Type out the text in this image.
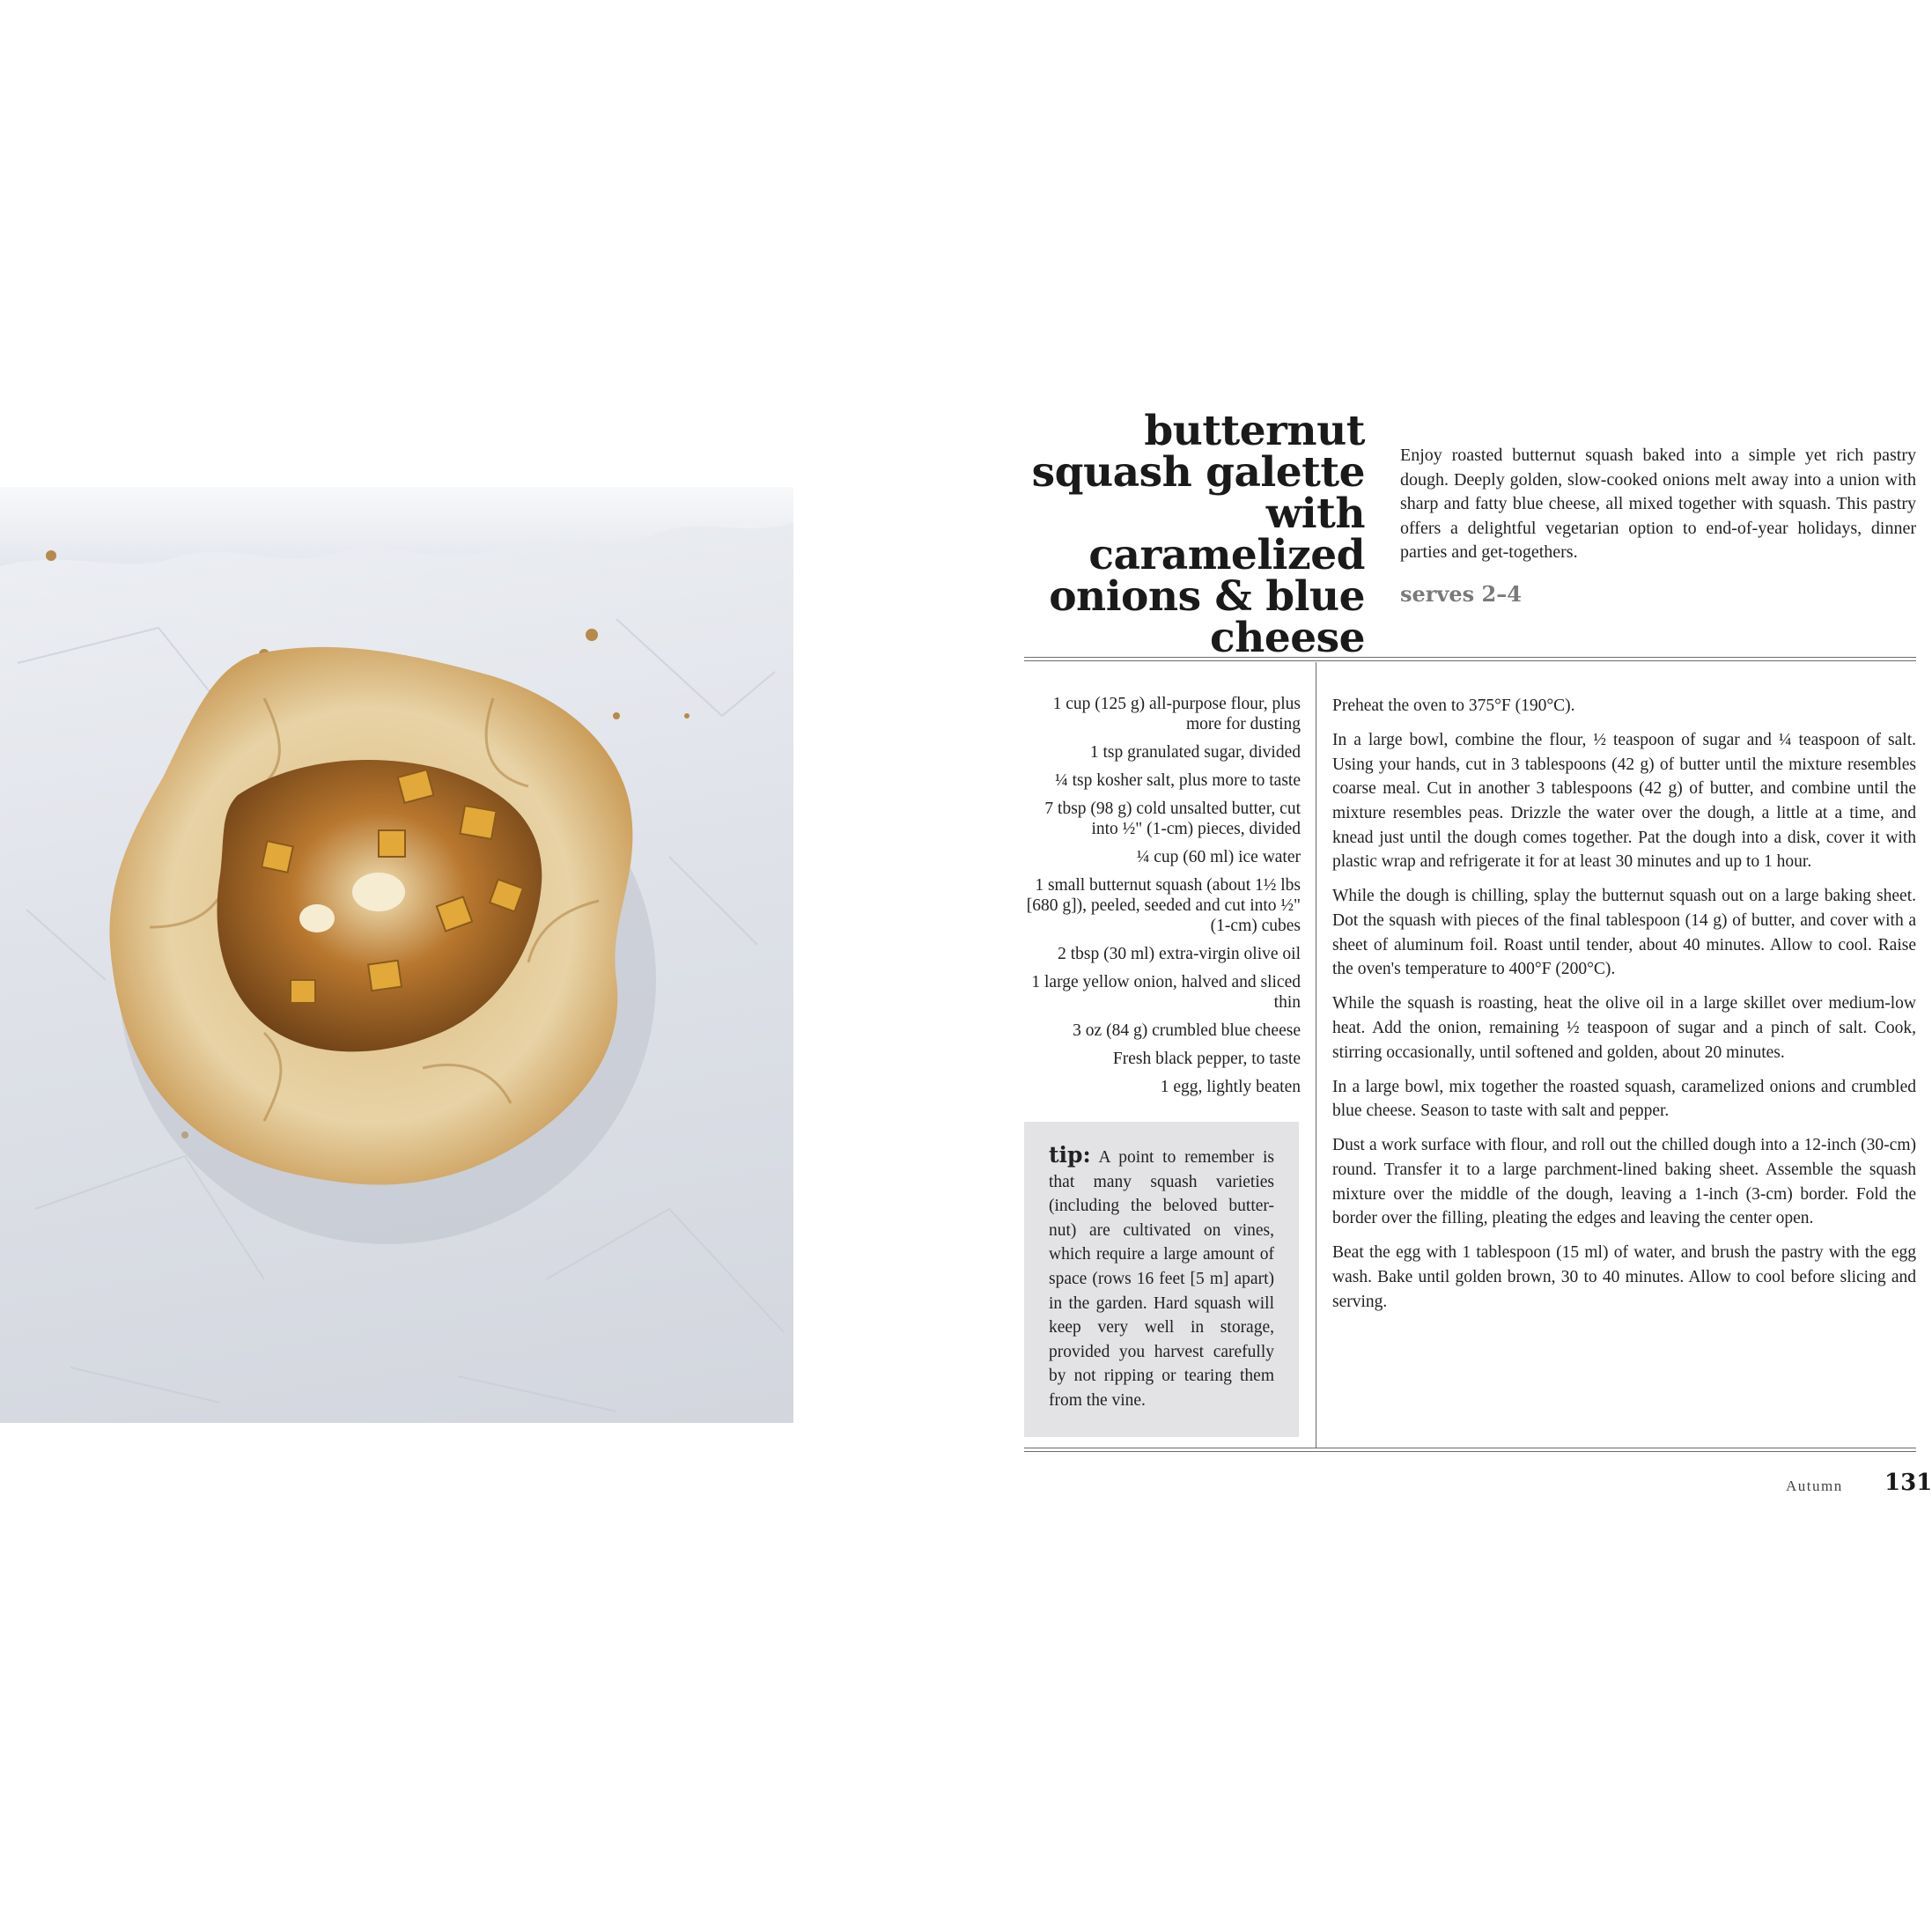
butternut squash galette with caramelized onions & blue cheese

Enjoy roasted butternut squash baked into a simple yet rich pastry dough. Deeply golden, slow-cooked onions melt away into a union with sharp and fatty blue cheese, all mixed together with squash. This pastry offers a delightful vegetarian option to end-of-year holidays, dinner parties and get-togethers.

serves 2–4
1 cup (125 g) all-purpose flour, plus more for dusting
1 tsp granulated sugar, divided
¼ tsp kosher salt, plus more to taste
7 tbsp (98 g) cold unsalted butter, cut into ½" (1-cm) pieces, divided
¼ cup (60 ml) ice water
1 small butternut squash (about 1½ lbs [680 g]), peeled, seeded and cut into ½" (1-cm) cubes
2 tbsp (30 ml) extra-virgin olive oil
1 large yellow onion, halved and sliced thin
3 oz (84 g) crumbled blue cheese
Fresh black pepper, to taste
1 egg, lightly beaten
tip: A point to remember is that many squash varieties (including the beloved butter-nut) are cultivated on vines, which require a large amount of space (rows 16 feet [5 m] apart) in the garden. Hard squash will keep very well in storage, provided you harvest carefully by not ripping or tearing them from the vine.

Preheat the oven to 375°F (190°C).

In a large bowl, combine the flour, ½ teaspoon of sugar and ¼ teaspoon of salt. Using your hands, cut in 3 tablespoons (42 g) of butter until the mixture resembles coarse meal. Cut in another 3 tablespoons (42 g) of butter, and combine until the mixture resembles peas. Drizzle the water over the dough, a little at a time, and knead just until the dough comes together. Pat the dough into a disk, cover it with plastic wrap and refrigerate it for at least 30 minutes and up to 1 hour.

While the dough is chilling, splay the butternut squash out on a large baking sheet. Dot the squash with pieces of the final tablespoon (14 g) of butter, and cover with a sheet of aluminum foil. Roast until tender, about 40 minutes. Allow to cool. Raise the oven's temperature to 400°F (200°C).

While the squash is roasting, heat the olive oil in a large skillet over medium-low heat. Add the onion, remaining ½ teaspoon of sugar and a pinch of salt. Cook, stirring occasionally, until softened and golden, about 20 minutes.

In a large bowl, mix together the roasted squash, caramelized onions and crumbled blue cheese. Season to taste with salt and pepper.

Dust a work surface with flour, and roll out the chilled dough into a 12-inch (30-cm) round. Transfer it to a large parchment-lined baking sheet. Assemble the squash mixture over the middle of the dough, leaving a 1-inch (3-cm) border. Fold the border over the filling, pleating the edges and leaving the center open.

Beat the egg with 1 tablespoon (15 ml) of water, and brush the pastry with the egg wash. Bake until golden brown, 30 to 40 minutes. Allow to cool before slicing and serving.

Autumn 131
